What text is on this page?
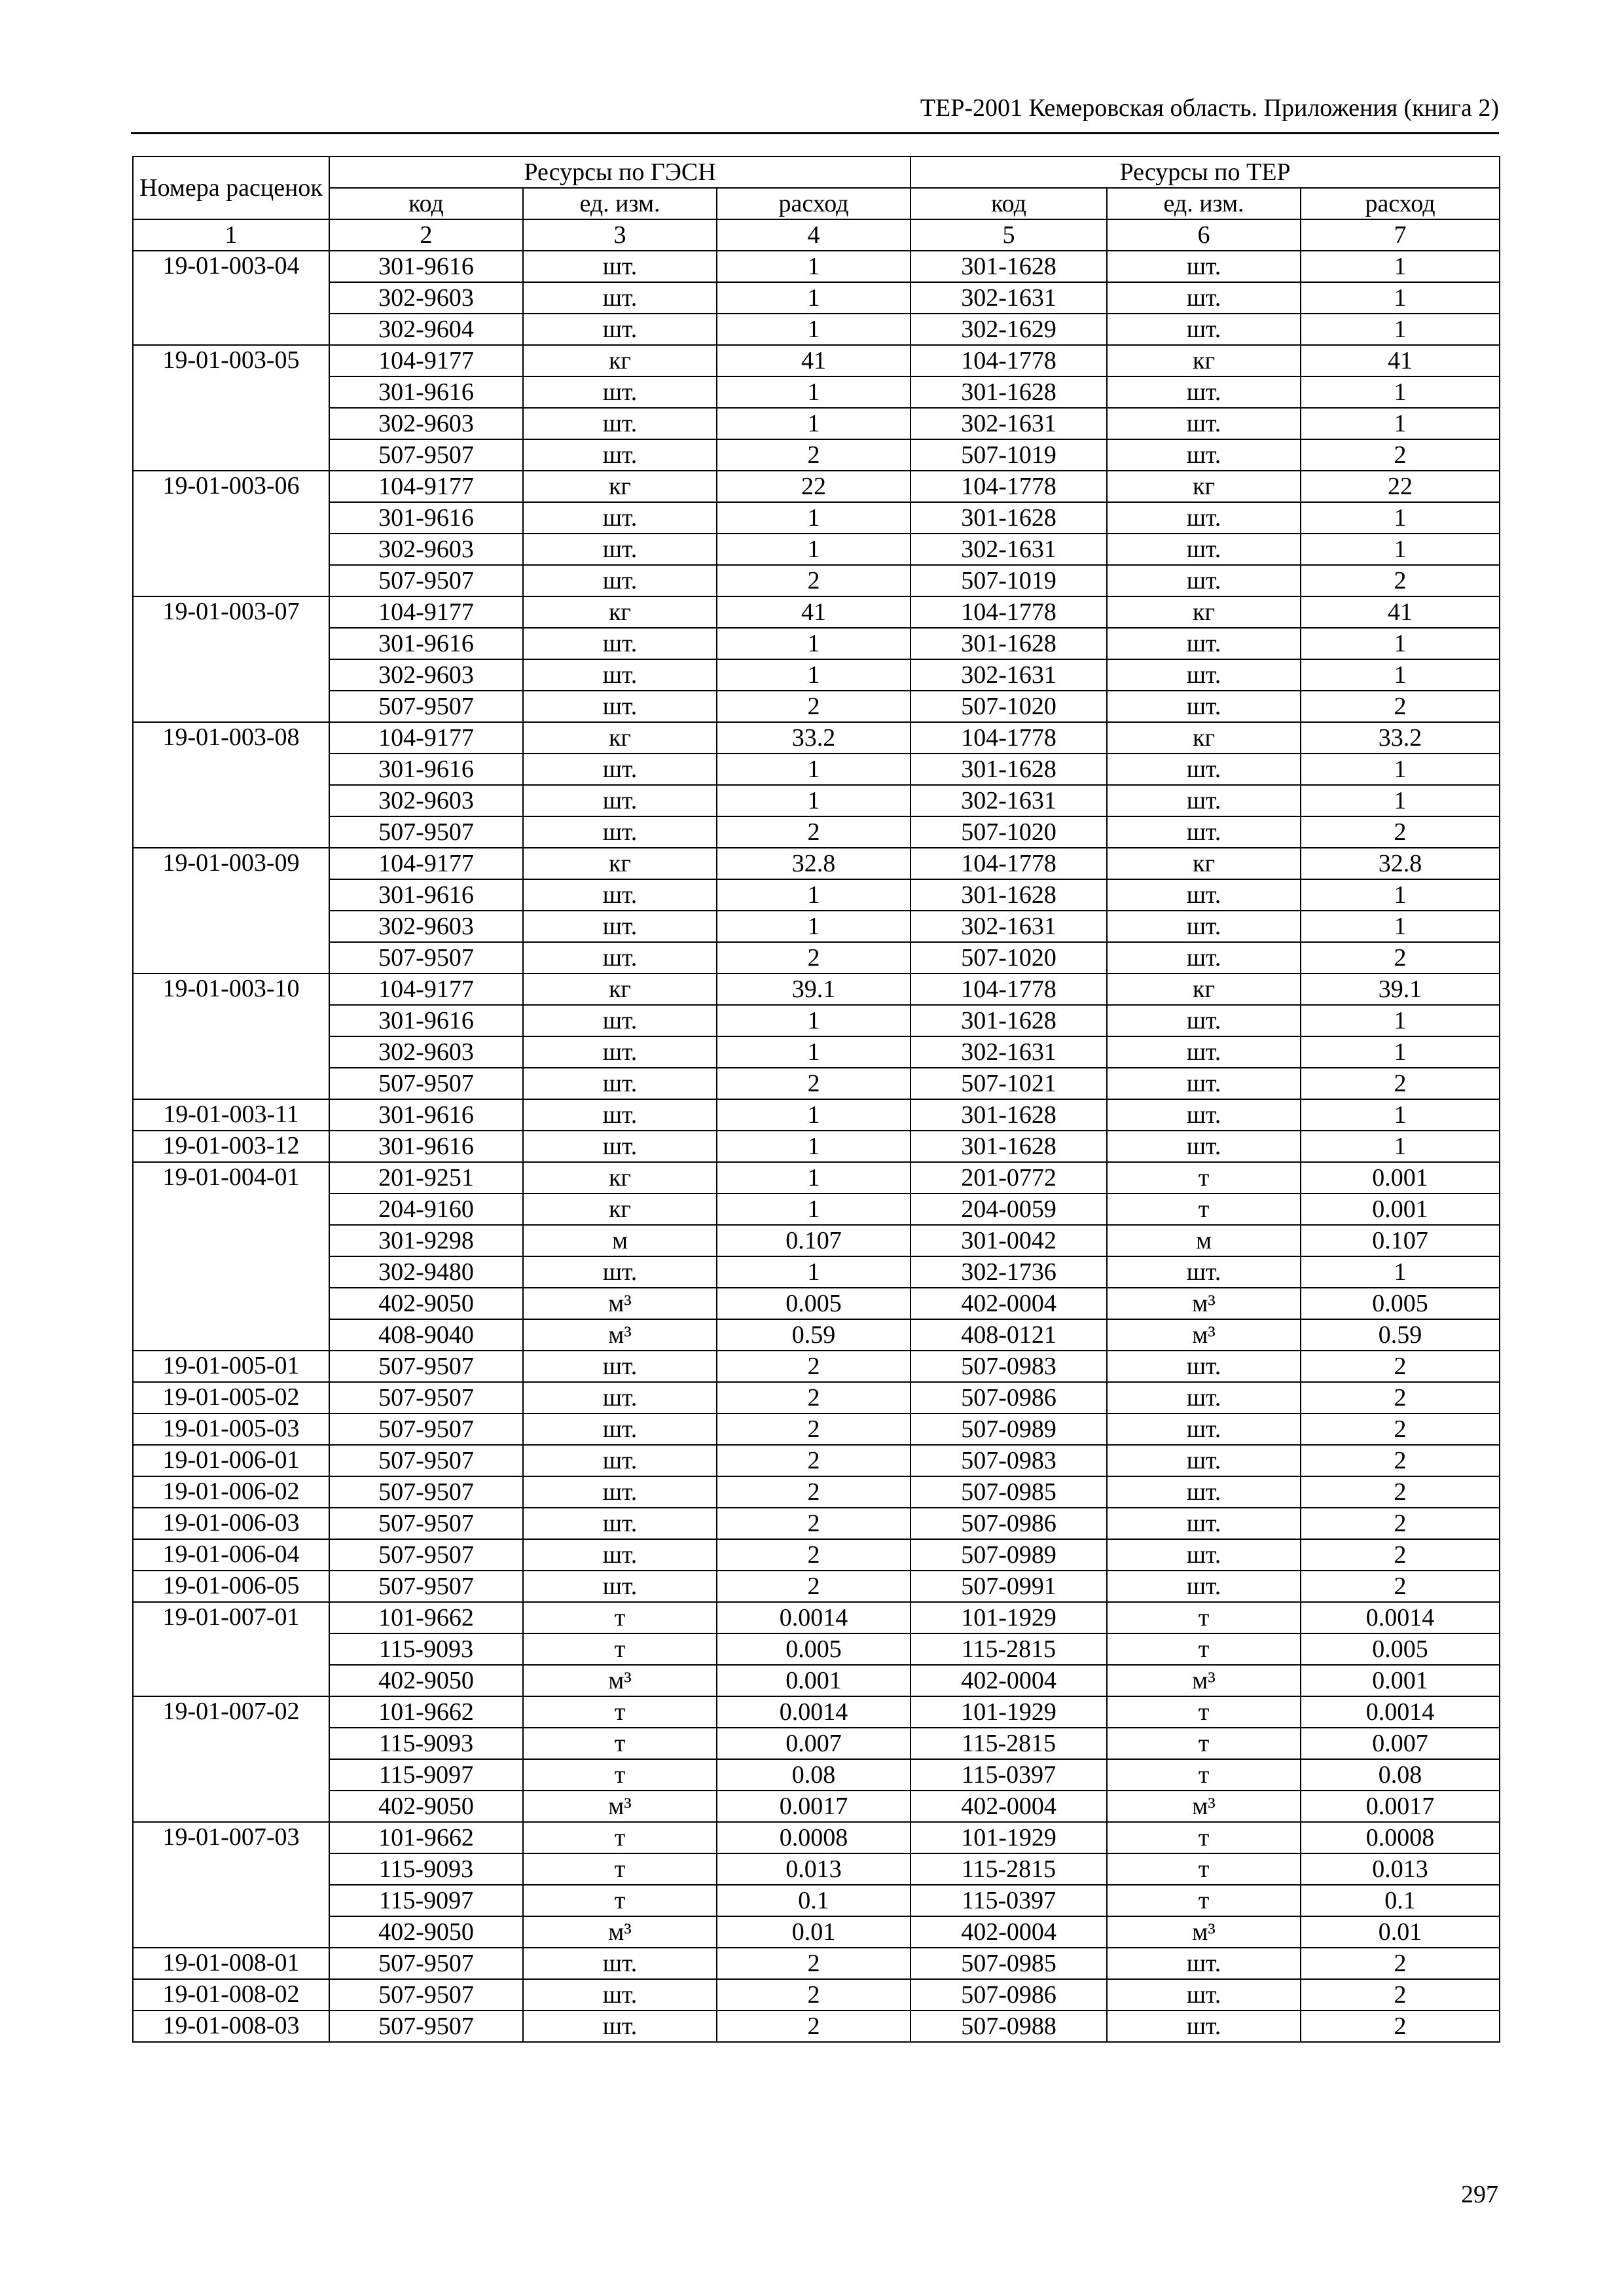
ТЕР-2001 Кемеровская область. Приложения (книга 2)
Номера расценок	Ресурсы по ГЭСН			Ресурсы по ТЕР		
	код	ед. изм.	расход	код	ед. изм.	расход
1	2	3	4	5	6	7
19-01-003-04	301-9616	шт.	1	301-1628	шт.	1
	302-9603	шт.	1	302-1631	шт.	1
	302-9604	шт.	1	302-1629	шт.	1
19-01-003-05	104-9177	кг	41	104-1778	кг	41
	301-9616	шт.	1	301-1628	шт.	1
	302-9603	шт.	1	302-1631	шт.	1
	507-9507	шт.	2	507-1019	шт.	2
19-01-003-06	104-9177	кг	22	104-1778	кг	22
	301-9616	шт.	1	301-1628	шт.	1
	302-9603	шт.	1	302-1631	шт.	1
	507-9507	шт.	2	507-1019	шт.	2
19-01-003-07	104-9177	кг	41	104-1778	кг	41
	301-9616	шт.	1	301-1628	шт.	1
	302-9603	шт.	1	302-1631	шт.	1
	507-9507	шт.	2	507-1020	шт.	2
19-01-003-08	104-9177	кг	33.2	104-1778	кг	33.2
	301-9616	шт.	1	301-1628	шт.	1
	302-9603	шт.	1	302-1631	шт.	1
	507-9507	шт.	2	507-1020	шт.	2
19-01-003-09	104-9177	кг	32.8	104-1778	кг	32.8
	301-9616	шт.	1	301-1628	шт.	1
	302-9603	шт.	1	302-1631	шт.	1
	507-9507	шт.	2	507-1020	шт.	2
19-01-003-10	104-9177	кг	39.1	104-1778	кг	39.1
	301-9616	шт.	1	301-1628	шт.	1
	302-9603	шт.	1	302-1631	шт.	1
	507-9507	шт.	2	507-1021	шт.	2
19-01-003-11	301-9616	шт.	1	301-1628	шт.	1
19-01-003-12	301-9616	шт.	1	301-1628	шт.	1
19-01-004-01	201-9251	кг	1	201-0772	т	0.001
	204-9160	кг	1	204-0059	т	0.001
	301-9298	м	0.107	301-0042	м	0.107
	302-9480	шт.	1	302-1736	шт.	1
	402-9050	м³	0.005	402-0004	м³	0.005
	408-9040	м³	0.59	408-0121	м³	0.59
19-01-005-01	507-9507	шт.	2	507-0983	шт.	2
19-01-005-02	507-9507	шт.	2	507-0986	шт.	2
19-01-005-03	507-9507	шт.	2	507-0989	шт.	2
19-01-006-01	507-9507	шт.	2	507-0983	шт.	2
19-01-006-02	507-9507	шт.	2	507-0985	шт.	2
19-01-006-03	507-9507	шт.	2	507-0986	шт.	2
19-01-006-04	507-9507	шт.	2	507-0989	шт.	2
19-01-006-05	507-9507	шт.	2	507-0991	шт.	2
19-01-007-01	101-9662	т	0.0014	101-1929	т	0.0014
	115-9093	т	0.005	115-2815	т	0.005
	402-9050	м³	0.001	402-0004	м³	0.001
19-01-007-02	101-9662	т	0.0014	101-1929	т	0.0014
	115-9093	т	0.007	115-2815	т	0.007
	115-9097	т	0.08	115-0397	т	0.08
	402-9050	м³	0.0017	402-0004	м³	0.0017
19-01-007-03	101-9662	т	0.0008	101-1929	т	0.0008
	115-9093	т	0.013	115-2815	т	0.013
	115-9097	т	0.1	115-0397	т	0.1
	402-9050	м³	0.01	402-0004	м³	0.01
19-01-008-01	507-9507	шт.	2	507-0985	шт.	2
19-01-008-02	507-9507	шт.	2	507-0986	шт.	2
19-01-008-03	507-9507	шт.	2	507-0988	шт.	2
297
